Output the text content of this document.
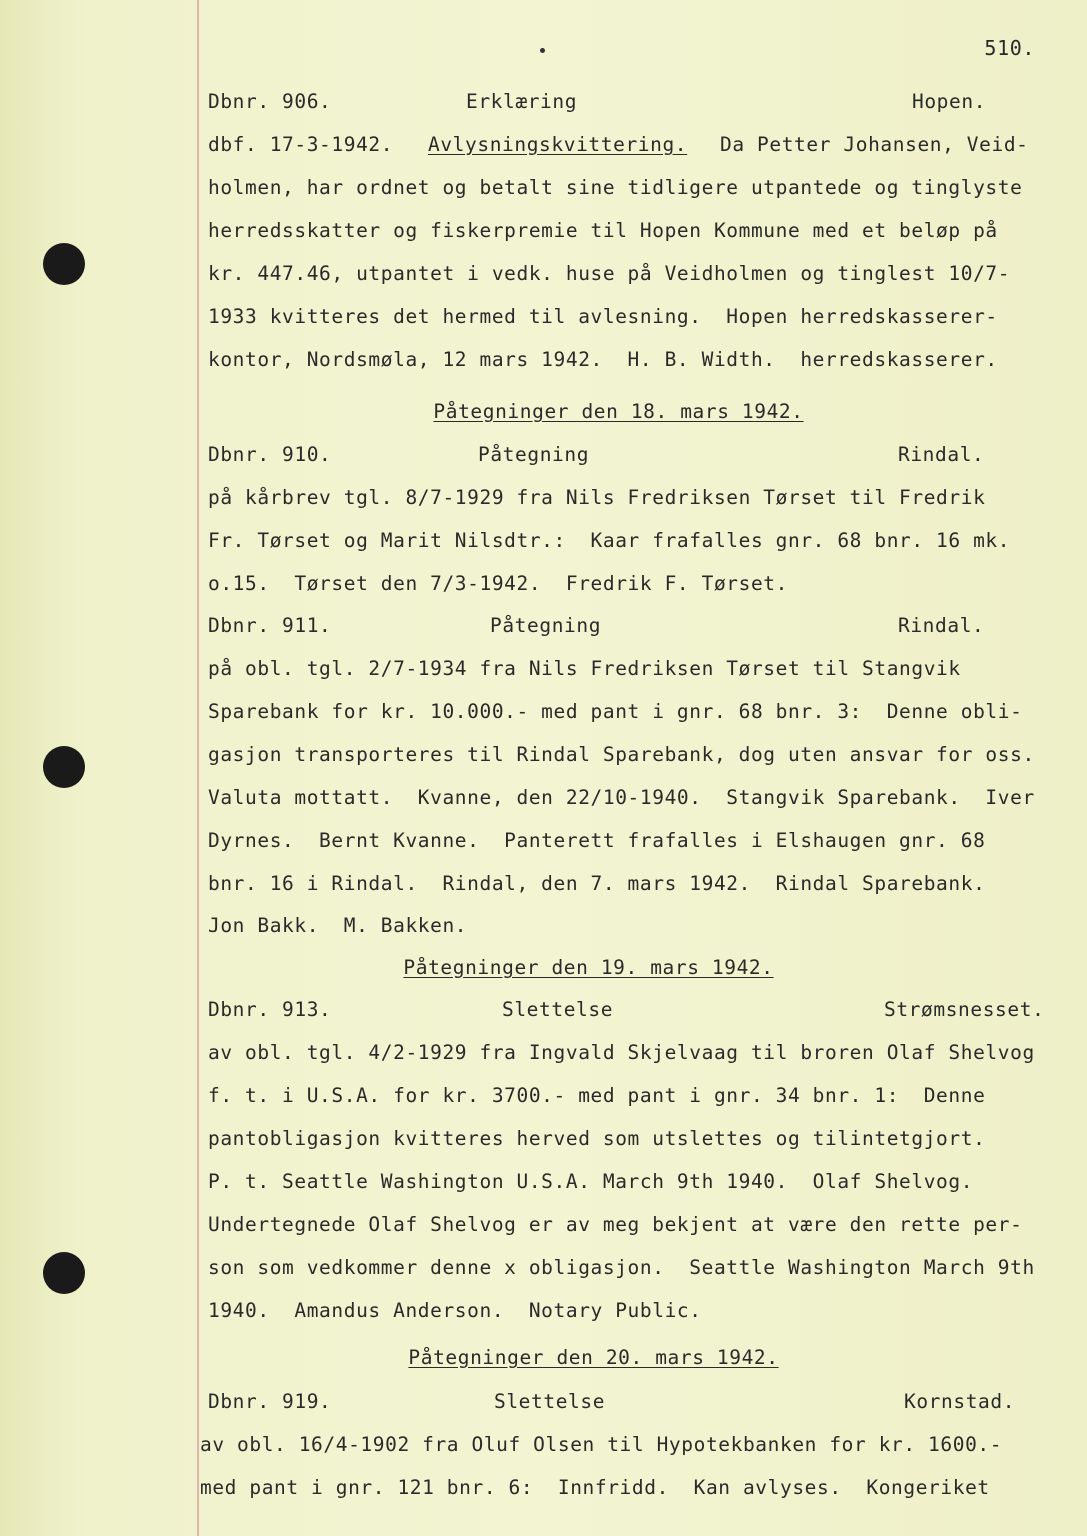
510.
Dbnr. 906.	Erklæring	Hopen.
dbf. 17-3-1942. Avlysningskvittering. Da Petter Johansen, Veid-
holmen, har ordnet og betalt sine tidligere utpantede og tinglyste
herredsskatter og fiskerpremie til Hopen Kommune med et beløp på
kr. 447.46, utpantet i vedk. huse på Veidholmen og tinglest 10/7-
1933 kvitteres det hermed til avlesning.  Hopen herredskasserer-
kontor, Nordsmøla, 12 mars 1942.  H. B. Width.  herredskasserer.
Påtegninger den 18. mars 1942.
Dbnr. 910.	Påtegning	Rindal.
på kårbrev tgl. 8/7-1929 fra Nils Fredriksen Tørset til Fredrik
Fr. Tørset og Marit Nilsdtr.:  Kaar frafalles gnr. 68 bnr. 16 mk.
o.15.  Tørset den 7/3-1942.  Fredrik F. Tørset.
Dbnr. 911.	Påtegning	Rindal.
på obl. tgl. 2/7-1934 fra Nils Fredriksen Tørset til Stangvik
Sparebank for kr. 10.000.- med pant i gnr. 68 bnr. 3:  Denne obli-
gasjon transporteres til Rindal Sparebank, dog uten ansvar for oss.
Valuta mottatt.  Kvanne, den 22/10-1940.  Stangvik Sparebank.  Iver
Dyrnes.  Bernt Kvanne.  Panterett frafalles i Elshaugen gnr. 68
bnr. 16 i Rindal.  Rindal, den 7. mars 1942.  Rindal Sparebank.
Jon Bakk.  M. Bakken.
Påtegninger den 19. mars 1942.
Dbnr. 913.	Slettelse	Strømsnesset.
av obl. tgl. 4/2-1929 fra Ingvald Skjelvaag til broren Olaf Shelvog
f. t. i U.S.A. for kr. 3700.- med pant i gnr. 34 bnr. 1:  Denne
pantobligasjon kvitteres herved som utslettes og tilintetgjort.
P. t. Seattle Washington U.S.A. March 9th 1940.  Olaf Shelvog.
Undertegnede Olaf Shelvog er av meg bekjent at være den rette per-
son som vedkommer denne x obligasjon.  Seattle Washington March 9th
1940.  Amandus Anderson.  Notary Public.
Påtegninger den 20. mars 1942.
Dbnr. 919.	Slettelse	Kornstad.
av obl. 16/4-1902 fra Oluf Olsen til Hypotekbanken for kr. 1600.-
med pant i gnr. 121 bnr. 6:  Innfridd.  Kan avlyses.  Kongeriket
